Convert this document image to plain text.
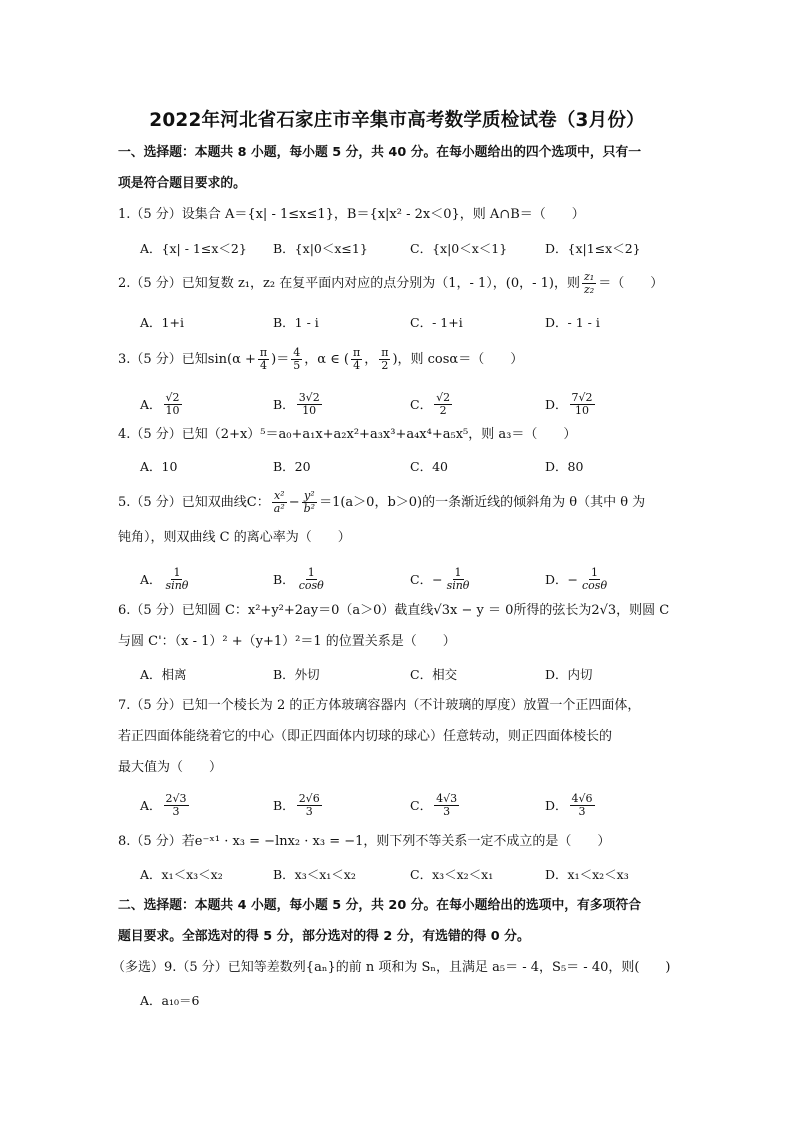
2022年河北省石家庄市辛集市高考数学质检试卷（3月份）
一、选择题：本题共 8 小题，每小题 5 分，共 40 分。在每小题给出的四个选项中，只有一
项是符合题目要求的。
1.（5 分）设集合 A＝{x| - 1≤x≤1}，B＝{x|x² - 2x＜0}，则 A∩B＝（　　）
A．{x| - 1≤x＜2} B．{x|0＜x≤1}	C．{x|0＜x＜1}	D．{x|1≤x＜2}
2.（5 分）已知复数 z₁，z₂ 在复平面内对应的点分别为（1，- 1），(0，- 1)，则 $\frac{\text{z₁}}{\text{z₂}}$ ＝（　　）
A．1+i	B．1 - i	C．- 1+i	D．- 1 - i
3.（5 分）已知$\sin(\alpha + \frac{\pi}{4}$ )＝ $\frac{4}{5}$ ，α ∈ ( $\frac{\pi}{4}$ ， $\frac{\pi}{2}$ )，则 cosα＝（　　）
A． $\frac{√2}{10}$	B． $\frac{3√2}{10}$	C． $\frac{√2}{2}$	D． $\frac{7√2}{10}$
4.（5 分）已知（2+x）⁵＝a₀+a₁x+a₂x²+a₃x³+a₄x⁴+a₅x⁵，则 a₃＝（　　）
A．10	B．20	C．40	D．80
5.（5 分）已知双曲线C： $\frac{\text{x²}}{\text{a²}} - \frac{\text{y²}}{\text{b²}} =1(a>0$，b＞0)的一条渐近线的倾斜角为 θ（其中 θ 为
钝角），则双曲线 C 的离心率为（　　）
A． $\frac{1}{\sin\theta}$	B． $\frac{1}{\cos\theta}$	C． − $\frac{1}{\sin\theta}$	D． − $\frac{1}{\cos\theta}$
6.（5 分）已知圆 C：x²+y²+2ay＝0（a＞0）截直线√3x − y ＝ 0所得的弦长为2√3，则圆 C
与圆 C'：（x - 1）² +（y+1）²＝1 的位置关系是（　　）
A．相离	B．外切	C．相交	D．内切
7.（5 分）已知一个棱长为 2 的正方体玻璃容器内（不计玻璃的厚度）放置一个正四面体，
若正四面体能绕着它的中心（即正四面体内切球的球心）任意转动，则正四面体棱长的
最大值为（　　）
A． $\frac{2√3}{3}$	B． $\frac{2√6}{3}$	C． $\frac{4√3}{3}$	D． $\frac{4√6}{3}$
8.（5 分）若e⁻ˣ¹ · x₃ = −lnx₂ · x₃ = −1，则下列不等关系一定不成立的是（　　）
A．x₁＜x₃＜x₂	B．x₃＜x₁＜x₂	C．x₃＜x₂＜x₁	D．x₁＜x₂＜x₃
二、选择题：本题共 4 小题，每小题 5 分，共 20 分。在每小题给出的选项中，有多项符合
题目要求。全部选对的得 5 分，部分选对的得 2 分，有选错的得 0 分。
（多选）9.（5 分）已知等差数列{aₙ}的前 n 项和为 Sₙ，且满足 a₅＝ - 4，S₅＝ - 40，则(　　)
A．a₁₀＝6
